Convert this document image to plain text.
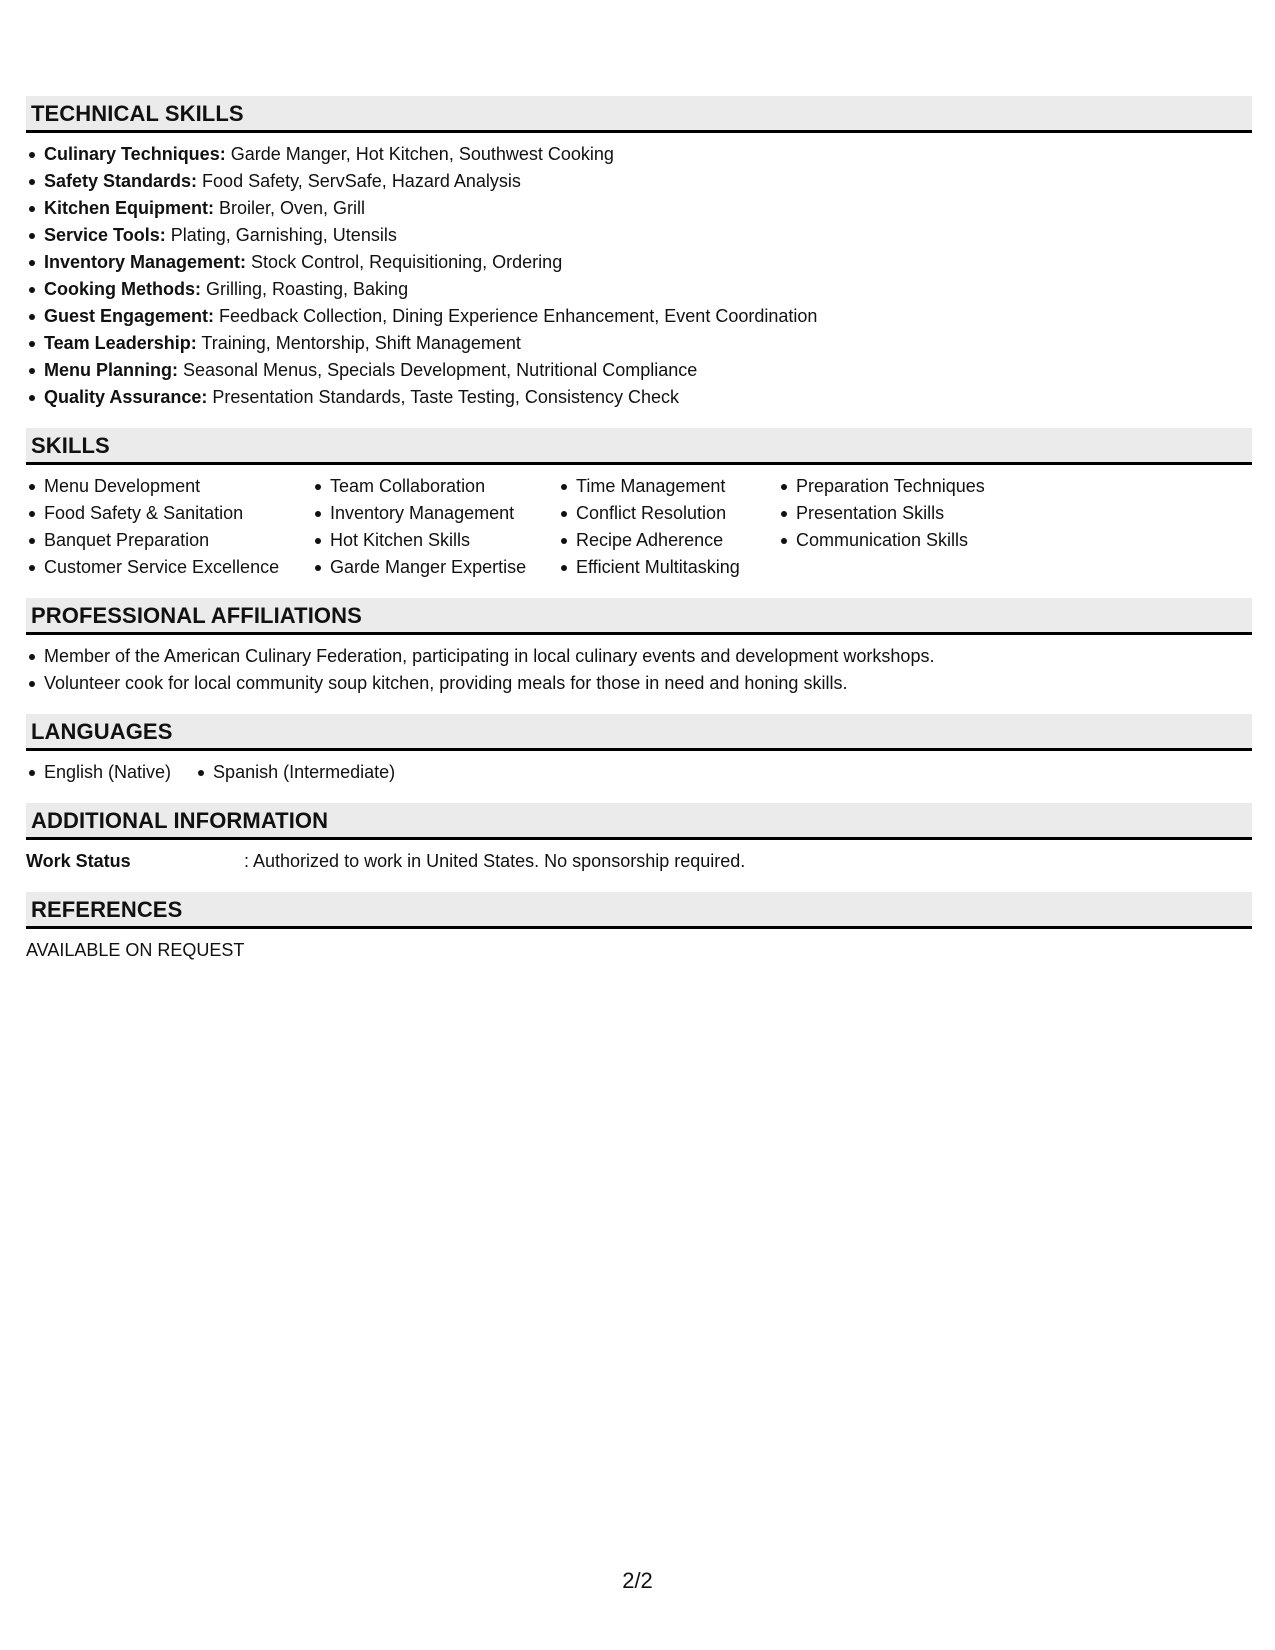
TECHNICAL SKILLS
Culinary Techniques: Garde Manger, Hot Kitchen, Southwest Cooking
Safety Standards: Food Safety, ServSafe, Hazard Analysis
Kitchen Equipment: Broiler, Oven, Grill
Service Tools: Plating, Garnishing, Utensils
Inventory Management: Stock Control, Requisitioning, Ordering
Cooking Methods: Grilling, Roasting, Baking
Guest Engagement: Feedback Collection, Dining Experience Enhancement, Event Coordination
Team Leadership: Training, Mentorship, Shift Management
Menu Planning: Seasonal Menus, Specials Development, Nutritional Compliance
Quality Assurance: Presentation Standards, Taste Testing, Consistency Check
SKILLS
Menu Development
Food Safety & Sanitation
Banquet Preparation
Customer Service Excellence
Team Collaboration
Inventory Management
Hot Kitchen Skills
Garde Manger Expertise
Time Management
Conflict Resolution
Recipe Adherence
Efficient Multitasking
Preparation Techniques
Presentation Skills
Communication Skills
PROFESSIONAL AFFILIATIONS
Member of the American Culinary Federation, participating in local culinary events and development workshops.
Volunteer cook for local community soup kitchen, providing meals for those in need and honing skills.
LANGUAGES
English (Native) Spanish (Intermediate)
ADDITIONAL INFORMATION
Work Status	: Authorized to work in United States. No sponsorship required.
REFERENCES
AVAILABLE ON REQUEST
2/2
